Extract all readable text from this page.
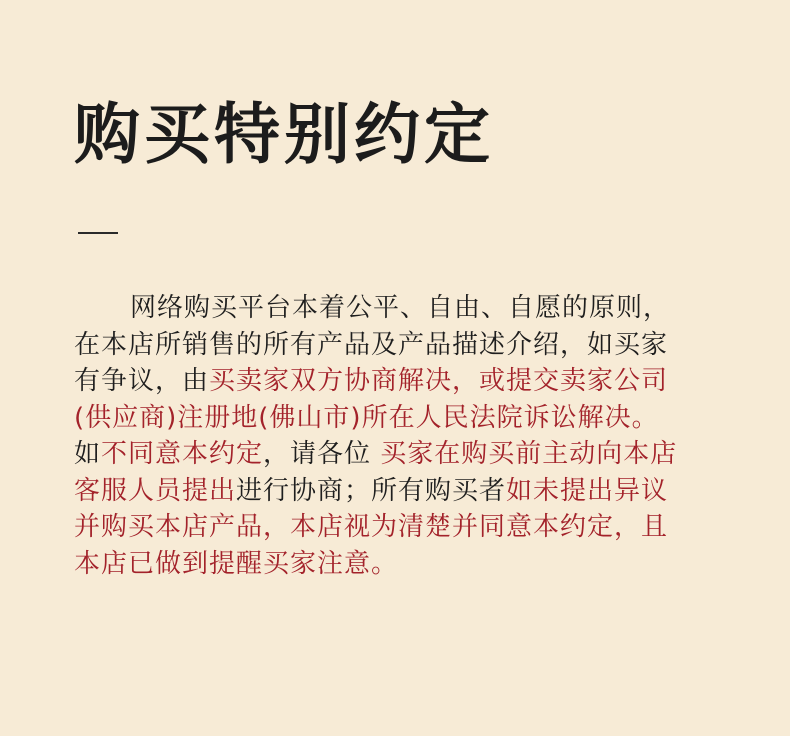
购买特别约定
网络购买平台本着公平、自由、自愿的原则，
在本店所销售的所有产品及产品描述介绍，如买家
有争议，由买卖家双方协商解决，或提交卖家公司
(供应商)注册地(佛山市)所在人民法院诉讼解决。
如不同意本约定，请各位 买家在购买前主动向本店
客服人员提出进行协商；所有购买者如未提出异议
并购买本店产品，本店视为清楚并同意本约定，且
本店已做到提醒买家注意。
